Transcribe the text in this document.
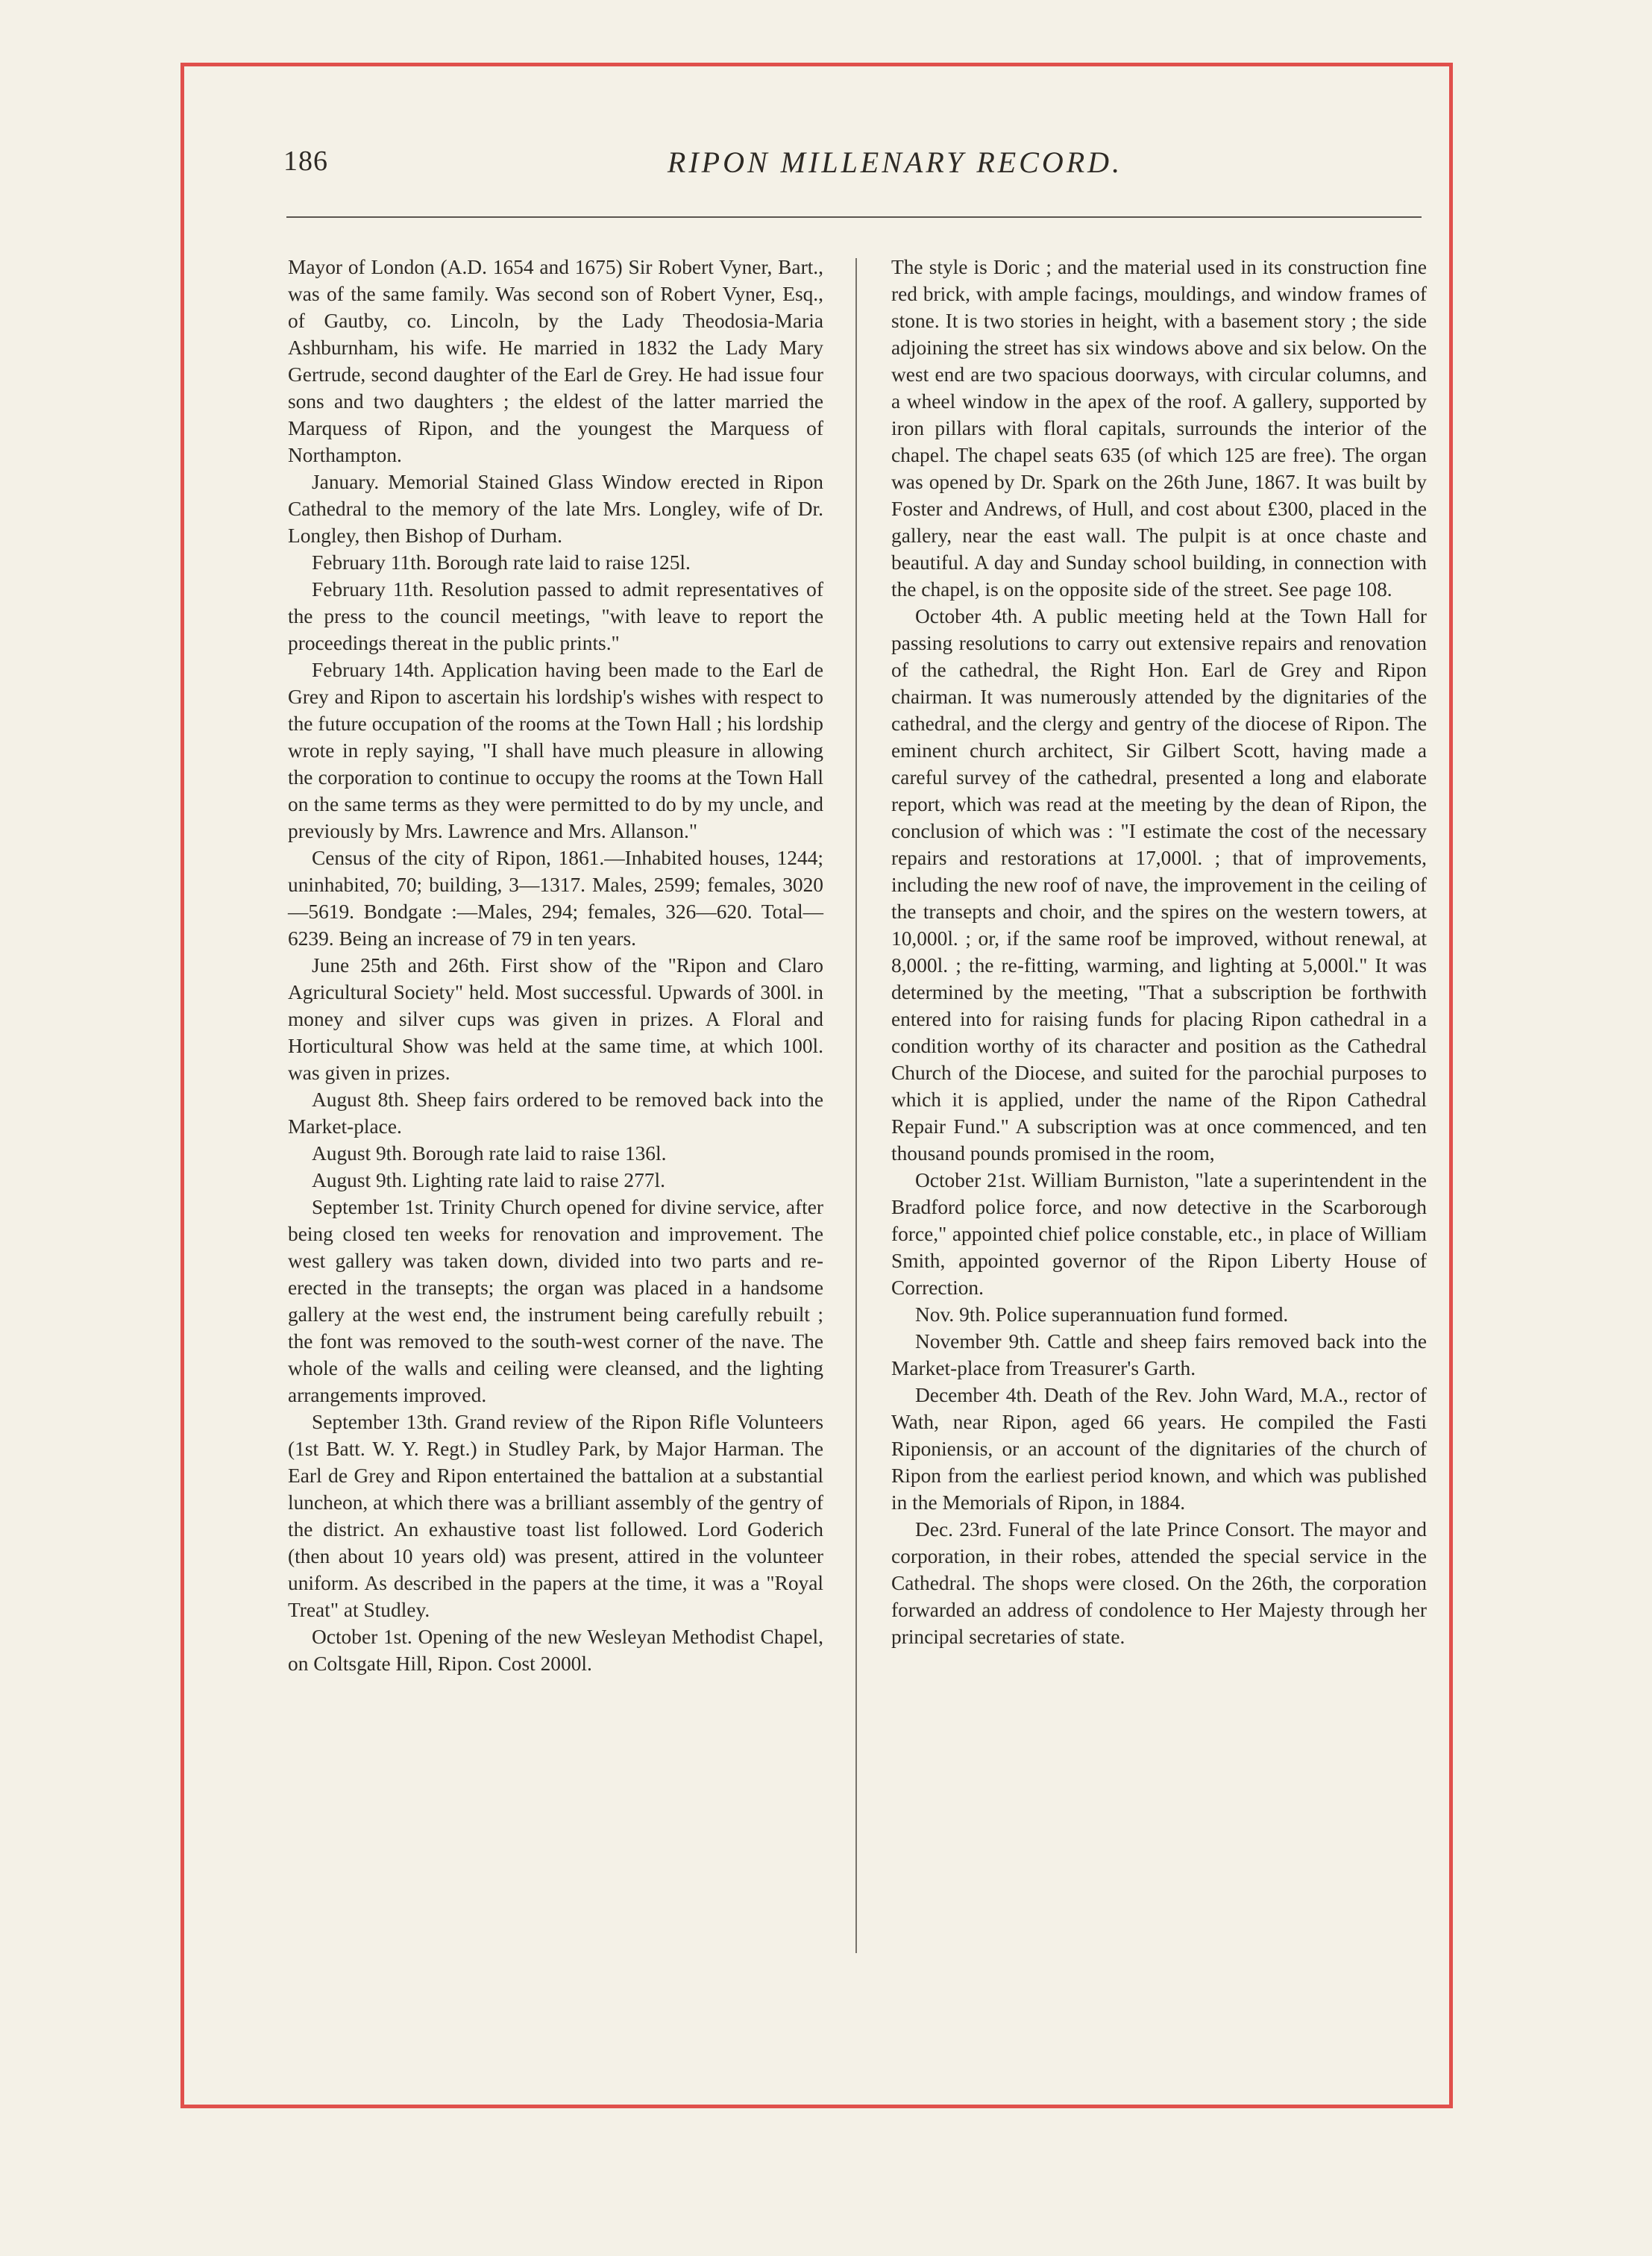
186	RIPON MILLENARY RECORD.

Mayor of London (A.D. 1654 and 1675) Sir Robert Vyner, Bart., was of the same family. Was second son of Robert Vyner, Esq., of Gautby, co. Lincoln, by the Lady Theodosia-Maria Ashburnham, his wife. He married in 1832 the Lady Mary Gertrude, second daughter of the Earl de Grey. He had issue four sons and two daughters ; the eldest of the latter married the Marquess of Ripon, and the youngest the Marquess of Northampton.

January. Memorial Stained Glass Window erected in Ripon Cathedral to the memory of the late Mrs. Longley, wife of Dr. Longley, then Bishop of Durham.

February 11th. Borough rate laid to raise 125l.

February 11th. Resolution passed to admit representatives of the press to the council meetings, "with leave to report the proceedings thereat in the public prints."

February 14th. Application having been made to the Earl de Grey and Ripon to ascertain his lordship's wishes with respect to the future occupation of the rooms at the Town Hall ; his lordship wrote in reply saying, "I shall have much pleasure in allowing the corporation to continue to occupy the rooms at the Town Hall on the same terms as they were permitted to do by my uncle, and previously by Mrs. Lawrence and Mrs. Allanson."

Census of the city of Ripon, 1861.—Inhabited houses, 1244; uninhabited, 70; building, 3—1317. Males, 2599; females, 3020—5619. Bondgate :—Males, 294; females, 326—620. Total—6239. Being an increase of 79 in ten years.

June 25th and 26th. First show of the "Ripon and Claro Agricultural Society" held. Most successful. Upwards of 300l. in money and silver cups was given in prizes. A Floral and Horticultural Show was held at the same time, at which 100l. was given in prizes.

August 8th. Sheep fairs ordered to be removed back into the Market-place.

August 9th. Borough rate laid to raise 136l.

August 9th. Lighting rate laid to raise 277l.

September 1st. Trinity Church opened for divine service, after being closed ten weeks for renovation and improvement. The west gallery was taken down, divided into two parts and re-erected in the transepts; the organ was placed in a handsome gallery at the west end, the instrument being carefully rebuilt ; the font was removed to the south-west corner of the nave. The whole of the walls and ceiling were cleansed, and the lighting arrangements improved.

September 13th. Grand review of the Ripon Rifle Volunteers (1st Batt. W. Y. Regt.) in Studley Park, by Major Harman. The Earl de Grey and Ripon entertained the battalion at a substantial luncheon, at which there was a brilliant assembly of the gentry of the district. An exhaustive toast list followed. Lord Goderich (then about 10 years old) was present, attired in the volunteer uniform. As described in the papers at the time, it was a "Royal Treat" at Studley.

October 1st. Opening of the new Wesleyan Methodist Chapel, on Coltsgate Hill, Ripon. Cost 2000l.

The style is Doric ; and the material used in its construction fine red brick, with ample facings, mouldings, and window frames of stone. It is two stories in height, with a basement story ; the side adjoining the street has six windows above and six below. On the west end are two spacious doorways, with circular columns, and a wheel window in the apex of the roof. A gallery, supported by iron pillars with floral capitals, surrounds the interior of the chapel. The chapel seats 635 (of which 125 are free). The organ was opened by Dr. Spark on the 26th June, 1867. It was built by Foster and Andrews, of Hull, and cost about £300, placed in the gallery, near the east wall. The pulpit is at once chaste and beautiful. A day and Sunday school building, in connection with the chapel, is on the opposite side of the street. See page 108.

October 4th. A public meeting held at the Town Hall for passing resolutions to carry out extensive repairs and renovation of the cathedral, the Right Hon. Earl de Grey and Ripon chairman. It was numerously attended by the dignitaries of the cathedral, and the clergy and gentry of the diocese of Ripon. The eminent church architect, Sir Gilbert Scott, having made a careful survey of the cathedral, presented a long and elaborate report, which was read at the meeting by the dean of Ripon, the conclusion of which was : "I estimate the cost of the necessary repairs and restorations at 17,000l. ; that of improvements, including the new roof of nave, the improvement in the ceiling of the transepts and choir, and the spires on the western towers, at 10,000l. ; or, if the same roof be improved, without renewal, at 8,000l. ; the re-fitting, warming, and lighting at 5,000l." It was determined by the meeting, "That a subscription be forthwith entered into for raising funds for placing Ripon cathedral in a condition worthy of its character and position as the Cathedral Church of the Diocese, and suited for the parochial purposes to which it is applied, under the name of the Ripon Cathedral Repair Fund." A subscription was at once commenced, and ten thousand pounds promised in the room,

October 21st. William Burniston, "late a superintendent in the Bradford police force, and now detective in the Scarborough force," appointed chief police constable, etc., in place of William Smith, appointed governor of the Ripon Liberty House of Correction.

Nov. 9th. Police superannuation fund formed.

November 9th. Cattle and sheep fairs removed back into the Market-place from Treasurer's Garth.

December 4th. Death of the Rev. John Ward, M.A., rector of Wath, near Ripon, aged 66 years. He compiled the Fasti Riponiensis, or an account of the dignitaries of the church of Ripon from the earliest period known, and which was published in the Memorials of Ripon, in 1884.

Dec. 23rd. Funeral of the late Prince Consort. The mayor and corporation, in their robes, attended the special service in the Cathedral. The shops were closed. On the 26th, the corporation forwarded an address of condolence to Her Majesty through her principal secretaries of state.
